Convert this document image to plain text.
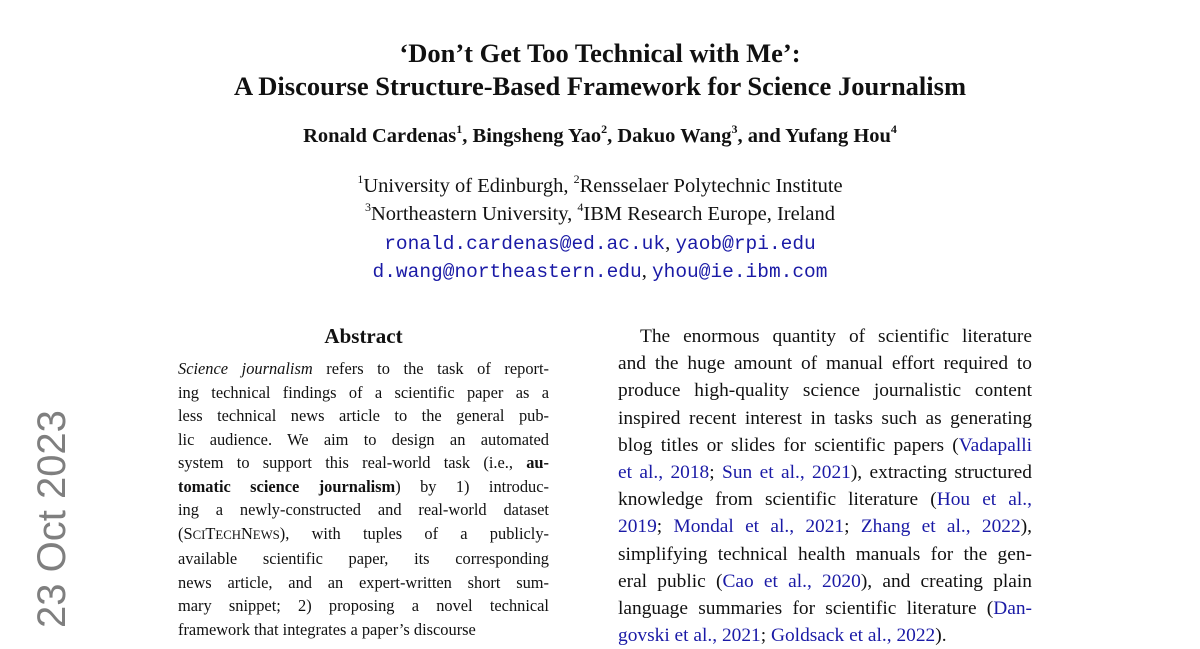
‘Don’t Get Too Technical with Me’:
A Discourse Structure-Based Framework for Science Journalism
Ronald Cardenas$^1$, Bingsheng Yao$^2$, Dakuo Wang$^3$, and Yufang Hou$^4$
$^1$University of Edinburgh, $^2$Rensselaer Polytechnic Institute
$^3$Northeastern University, $^4$IBM Research Europe, Ireland
ronald.cardenas@ed.ac.uk, yaob@rpi.edu
d.wang@northeastern.edu, yhou@ie.ibm.com
Abstract
Science journalism refers to the task of report-
ing technical findings of a scientific paper as a
less technical news article to the general pub-
lic audience. We aim to design an automated
system to support this real-world task (i.e., au-
tomatic science journalism) by 1) introduc-
ing a newly-constructed and real-world dataset
(SCITECHNEWS), with tuples of a publicly-
available scientific paper, its corresponding
news article, and an expert-written short sum-
mary snippet; 2) proposing a novel technical
framework that integrates a paper’s discourse
The enormous quantity of scientific literature
and the huge amount of manual effort required to
produce high-quality science journalistic content
inspired recent interest in tasks such as generating
blog titles or slides for scientific papers (Vadapalli
et al., 2018; Sun et al., 2021), extracting structured
knowledge from scientific literature (Hou et al.,
2019; Mondal et al., 2021; Zhang et al., 2022),
simplifying technical health manuals for the gen-
eral public (Cao et al., 2020), and creating plain
language summaries for scientific literature (Dan-
govski et al., 2021; Goldsack et al., 2022).
23 Oct 2023
